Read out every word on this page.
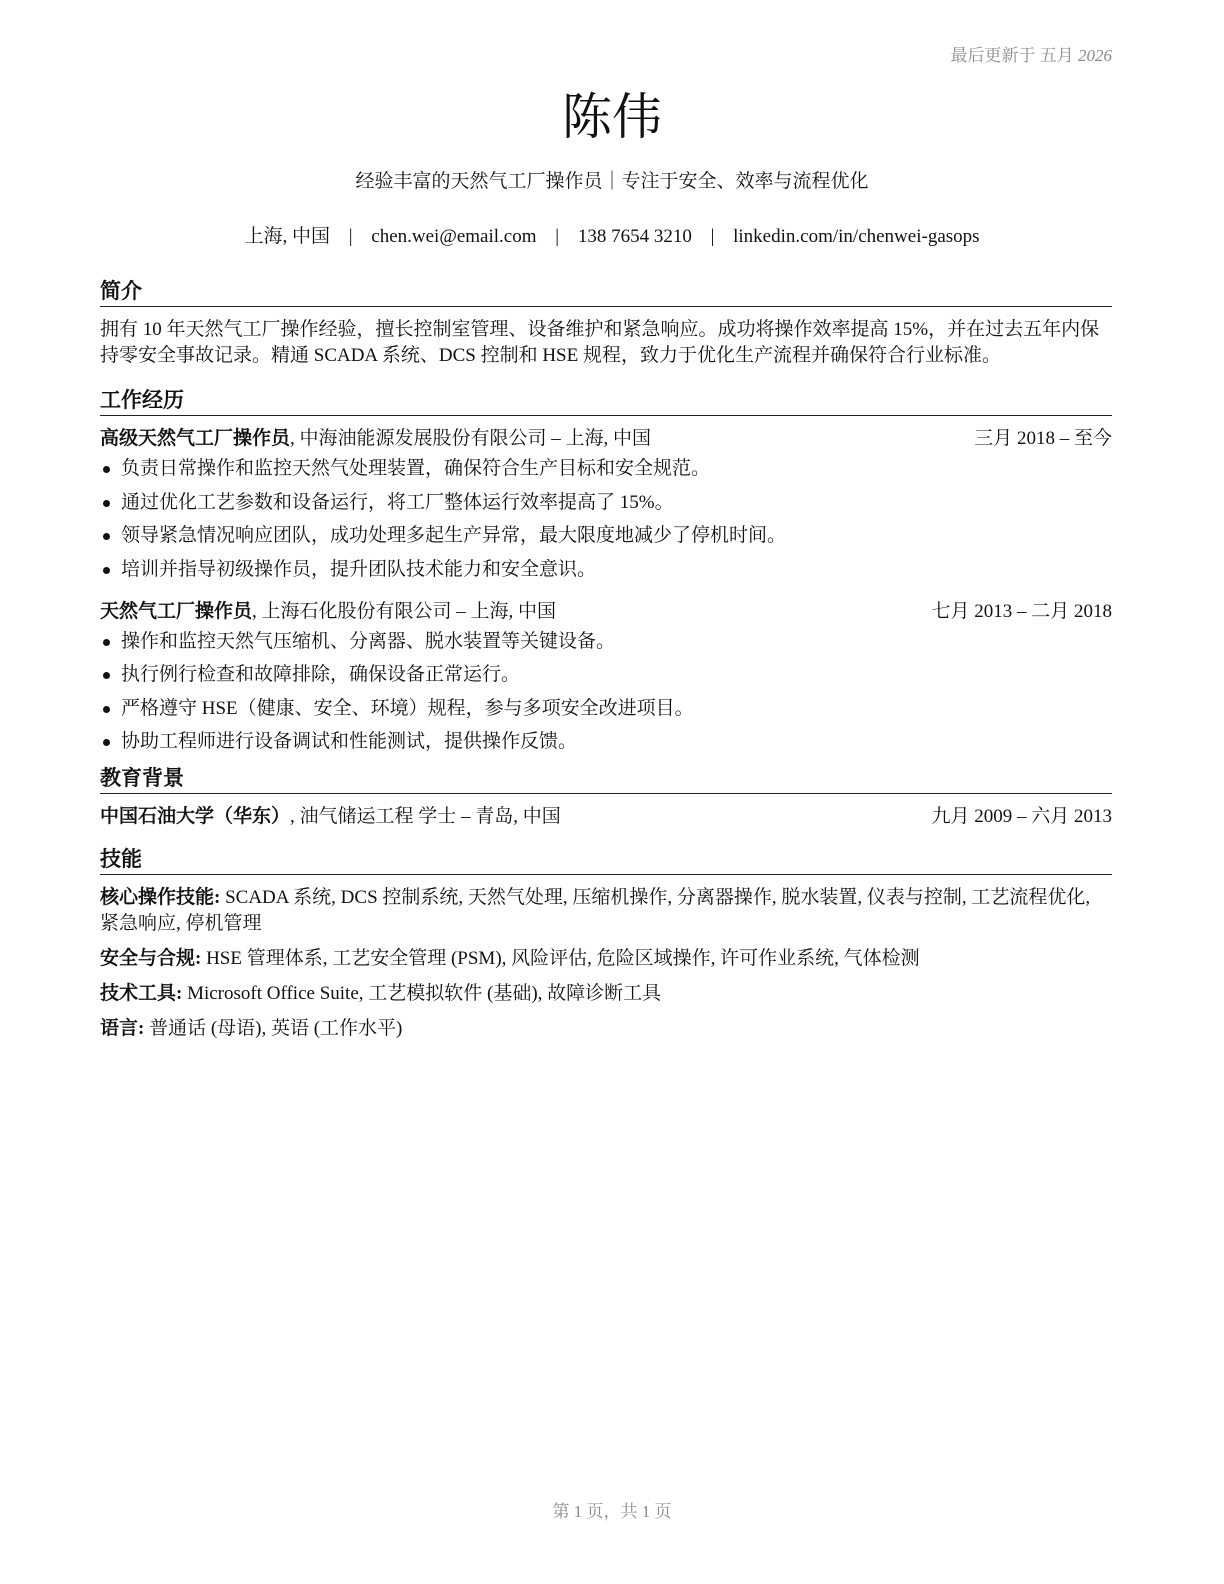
最后更新于 五月 2026
陈伟
经验丰富的天然气工厂操作员｜专注于安全、效率与流程优化
上海, 中国 | chen.wei@email.com | 138 7654 3210 | linkedin.com/in/chenwei-gasops
简介

拥有 10 年天然气工厂操作经验，擅长控制室管理、设备维护和紧急响应。成功将操作效率提高 15%，并在过去五年内保持零安全事故记录。精通 SCADA 系统、DCS 控制和 HSE 规程，致力于优化生产流程并确保符合行业标准。

工作经历
高级天然气工厂操作员, 中海油能源发展股份有限公司 – 上海, 中国	三月 2018 – 至今
负责日常操作和监控天然气处理装置，确保符合生产目标和安全规范。
通过优化工艺参数和设备运行，将工厂整体运行效率提高了 15%。
领导紧急情况响应团队，成功处理多起生产异常，最大限度地减少了停机时间。
培训并指导初级操作员，提升团队技术能力和安全意识。
天然气工厂操作员, 上海石化股份有限公司 – 上海, 中国	七月 2013 – 二月 2018
操作和监控天然气压缩机、分离器、脱水装置等关键设备。
执行例行检查和故障排除，确保设备正常运行。
严格遵守 HSE（健康、安全、环境）规程，参与多项安全改进项目。
协助工程师进行设备调试和性能测试，提供操作反馈。
教育背景
中国石油大学（华东）, 油气储运工程 学士 – 青岛, 中国	九月 2009 – 六月 2013
技能
核心操作技能: SCADA 系统, DCS 控制系统, 天然气处理, 压缩机操作, 分离器操作, 脱水装置, 仪表与控制, 工艺流程优化, 紧急响应, 停机管理
安全与合规: HSE 管理体系, 工艺安全管理 (PSM), 风险评估, 危险区域操作, 许可作业系统, 气体检测
技术工具: Microsoft Office Suite, 工艺模拟软件 (基础), 故障诊断工具
语言: 普通话 (母语), 英语 (工作水平)
第 1 页，共 1 页
